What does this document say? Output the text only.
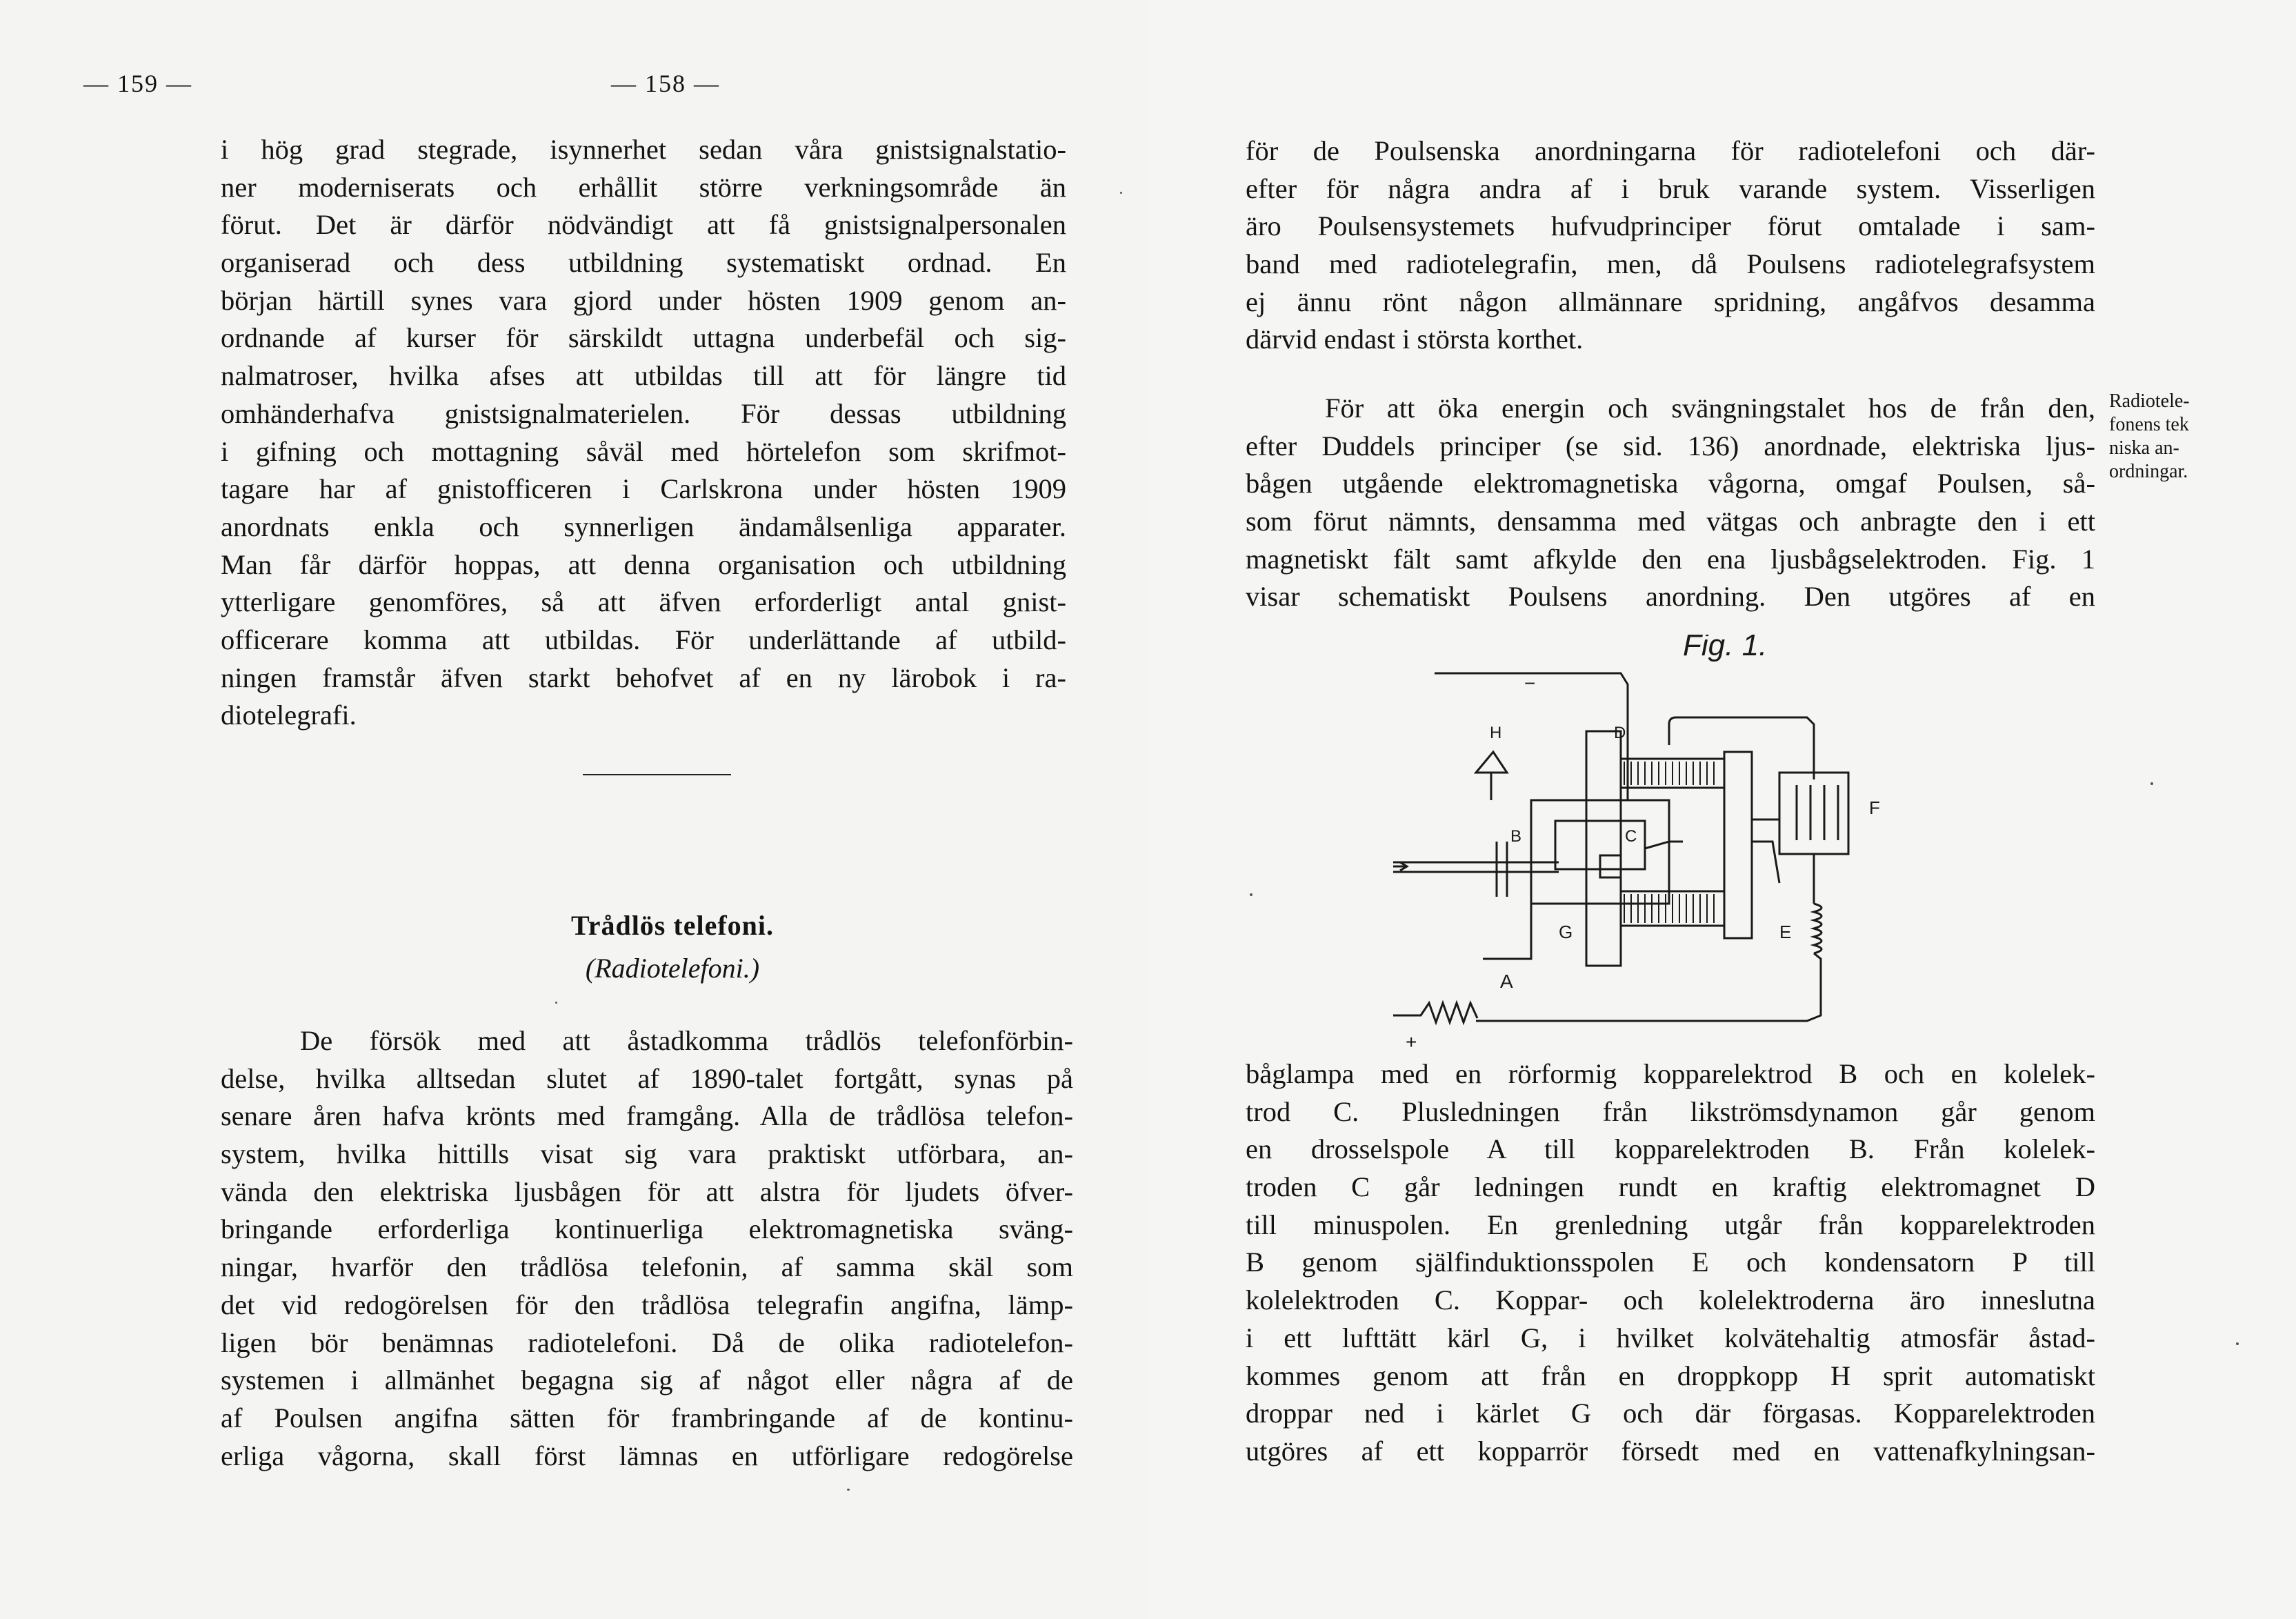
— 158 —
i hög grad stegrade, isynnerhet sedan våra gnistsignalstatio-
ner moderniserats och erhållit större verkningsområde än
förut. Det är därför nödvändigt att få gnistsignalpersonalen
organiserad och dess utbildning systematiskt ordnad. En
början härtill synes vara gjord under hösten 1909 genom an-
ordnande af kurser för särskildt uttagna underbefäl och sig-
nalmatroser, hvilka afses att utbildas till att för längre tid
omhänderhafva gnistsignalmaterielen. För dessas utbildning
i gifning och mottagning såväl med hörtelefon som skrifmot-
tagare har af gnistofficeren i Carlskrona under hösten 1909
anordnats enkla och synnerligen ändamålsenliga apparater.
Man får därför hoppas, att denna organisation och utbildning
ytterligare genomföres, så att äfven erforderligt antal gnist-
officerare komma att utbildas. För underlättande af utbild-
ningen framstår äfven starkt behofvet af en ny lärobok i ra-
diotelegrafi.
Trådlös telefoni.
(Radiotelefoni.)
De försök med att åstadkomma trådlös telefonförbin-
delse, hvilka alltsedan slutet af 1890-talet fortgått, synas på
senare åren hafva krönts med framgång. Alla de trådlösa telefon-
system, hvilka hittills visat sig vara praktiskt utförbara, an-
vända den elektriska ljusbågen för att alstra för ljudets öfver-
bringande erforderliga kontinuerliga elektromagnetiska sväng-
ningar, hvarför den trådlösa telefonin, af samma skäl som
det vid redogörelsen för den trådlösa telegrafin angifna, lämp-
ligen bör benämnas radiotelefoni. Då de olika radiotelefon-
systemen i allmänhet begagna sig af något eller några af de
af Poulsen angifna sätten för frambringande af de kontinu-
erliga vågorna, skall först lämnas en utförligare redogörelse
— 159 —
för de Poulsenska anordningarna för radiotelefoni och där-
efter för några andra af i bruk varande system. Visserligen
äro Poulsensystemets hufvudprinciper förut omtalade i sam-
band med radiotelegrafin, men, då Poulsens radiotelegrafsystem
ej ännu rönt någon allmännare spridning, angåfvos desamma
därvid endast i största korthet.
För att öka energin och svängningstalet hos de från den,
efter Duddels principer (se sid. 136) anordnade, elektriska ljus-
bågen utgående elektromagnetiska vågorna, omgaf Poulsen, så-
som förut nämnts, densamma med vätgas och anbragte den i ett
magnetiskt fält samt afkylde den ena ljusbågselektroden. Fig. 1
visar schematiskt Poulsens anordning. Den utgöres af en
Radiotele-
fonens tek
niska an-
ordningar.
Fig. 1.
H	D
B	C
F
G	E
A
+
−
båglampa med en rörformig kopparelektrod B och en kolelek-
trod C. Plusledningen från likströmsdynamon går genom
en drosselspole A till kopparelektroden B. Från kolelek-
troden C går ledningen rundt en kraftig elektromagnet D
till minuspolen. En grenledning utgår från kopparelektroden
B genom själfinduktionsspolen E och kondensatorn P till
kolelektroden C. Koppar- och kolelektroderna äro inneslutna
i ett lufttätt kärl G, i hvilket kolvätehaltig atmosfär åstad-
kommes genom att från en droppkopp H sprit automatiskt
droppar ned i kärlet G och där förgasas. Kopparelektroden
utgöres af ett kopparrör försedt med en vattenafkylningsan-
